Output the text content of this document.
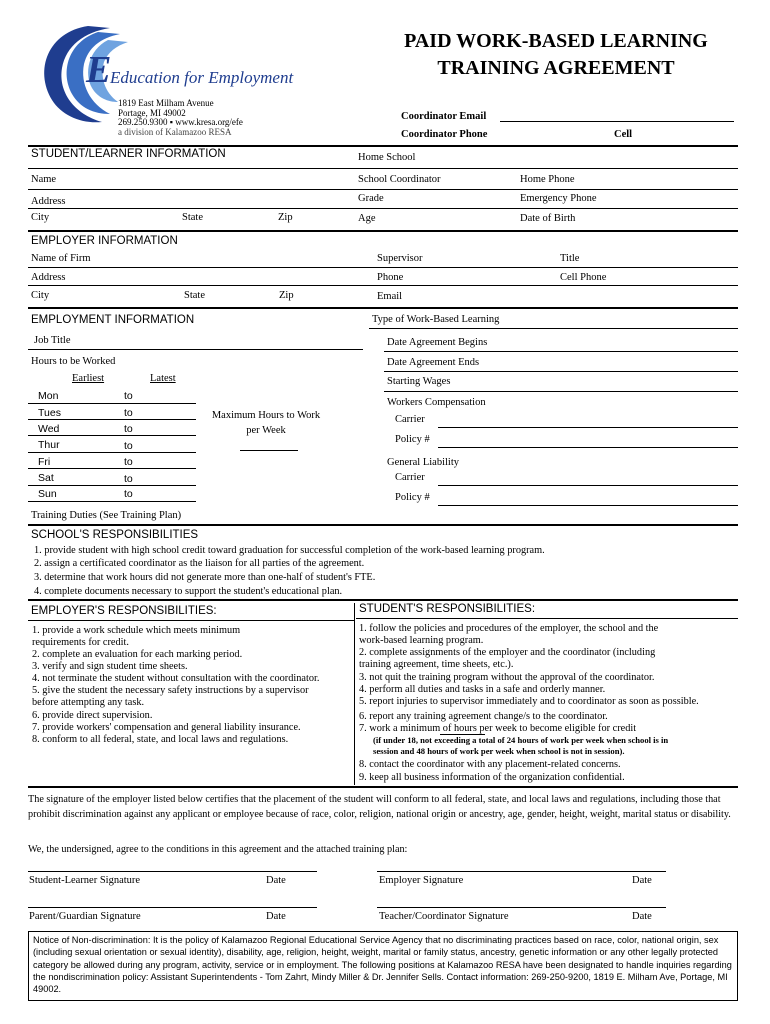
E
Education for Employment
1819 East Milham Avenue
Portage, MI 49002
269.250.9300 ▪ www.kresa.org/efe
a division of Kalamazoo RESA
PAID WORK-BASED LEARNING
TRAINING AGREEMENT
Coordinator Email
Coordinator Phone	Cell
STUDENT/LEARNER INFORMATION	Home School
Name	School Coordinator	Home Phone
Address	Grade	Emergency Phone
City	State	Zip	Age	Date of Birth
EMPLOYER INFORMATION
Name of Firm	Supervisor	Title
Address	Phone	Cell Phone
City	State	Zip	Email
EMPLOYMENT INFORMATION	Type of Work-Based Learning
Job Title	Date Agreement Begins
Hours to be Worked	Date Agreement Ends
Earliest	Latest	Starting Wages
Mon	to
Tues	to
Wed	to
Thur	to
Fri	to
Sat	to
Sun	to
Maximum Hours to Work
per Week
Workers Compensation
Carrier
Policy #
General Liability
Carrier
Policy #
Training Duties (See Training Plan)
SCHOOL'S RESPONSIBILITIES
1. provide student with high school credit toward graduation for successful completion of the work-based learning program.
2. assign a certificated coordinator as the liaison for all parties of the agreement.
3. determine that work hours did not generate more than one-half of student's FTE.
4. complete documents necessary to support the student's educational plan.
EMPLOYER'S RESPONSIBILITIES:
1. provide a work schedule which meets minimum
requirements for credit.
2. complete an evaluation for each marking period.
3. verify and sign student time sheets.
4. not terminate the student without consultation with the coordinator.
5. give the student the necessary safety instructions by a supervisor
before attempting any task.
6. provide direct supervision.
7. provide workers' compensation and general liability insurance.
8. conform to all federal, state, and local laws and regulations.
STUDENT'S RESPONSIBILITIES:
1. follow the policies and procedures of the employer, the school and the
work-based learning program.
2. complete assignments of the employer and the coordinator (including
training agreement, time sheets, etc.).
3. not quit the training program without the approval of the coordinator.
4. perform all duties and tasks in a safe and orderly manner.
5. report injuries to supervisor immediately and to coordinator as soon as possible.
6. report any training agreement change/s to the coordinator.
7. work a minimum of hours per week to become eligible for credit
(if under 18, not exceeding a total of 24 hours of work per week when school is in
session and 48 hours of work per week when school is not in session).
8. contact the coordinator with any placement-related concerns.
9. keep all business information of the organization confidential.
The signature of the employer listed below certifies that the placement of the student will conform to all federal, state, and local laws and regulations, including those that prohibit discrimination against any applicant or employee because of race, color, religion, national origin or ancestry, age, gender, height, weight, marital status or disability.
We, the undersigned, agree to the conditions in this agreement and the attached training plan:
Student-Learner Signature	Date	Employer Signature	Date
Parent/Guardian Signature	Date	Teacher/Coordinator Signature	Date
Notice of Non-discrimination: It is the policy of Kalamazoo Regional Educational Service Agency that no discriminating practices based on race, color, national origin, sex (including sexual orientation or sexual identity), disability, age, religion, height, weight, marital or family status, ancestry, genetic information or any other legally protected category be allowed during any program, activity, service or in employment. The following positions at Kalamazoo RESA have been designated to handle inquiries regarding the nondiscrimination policy: Assistant Superintendents - Tom Zahrt, Mindy Miller & Dr. Jennifer Sells. Contact information: 269-250-9200, 1819 E. Milham Ave, Portage, MI 49002.
